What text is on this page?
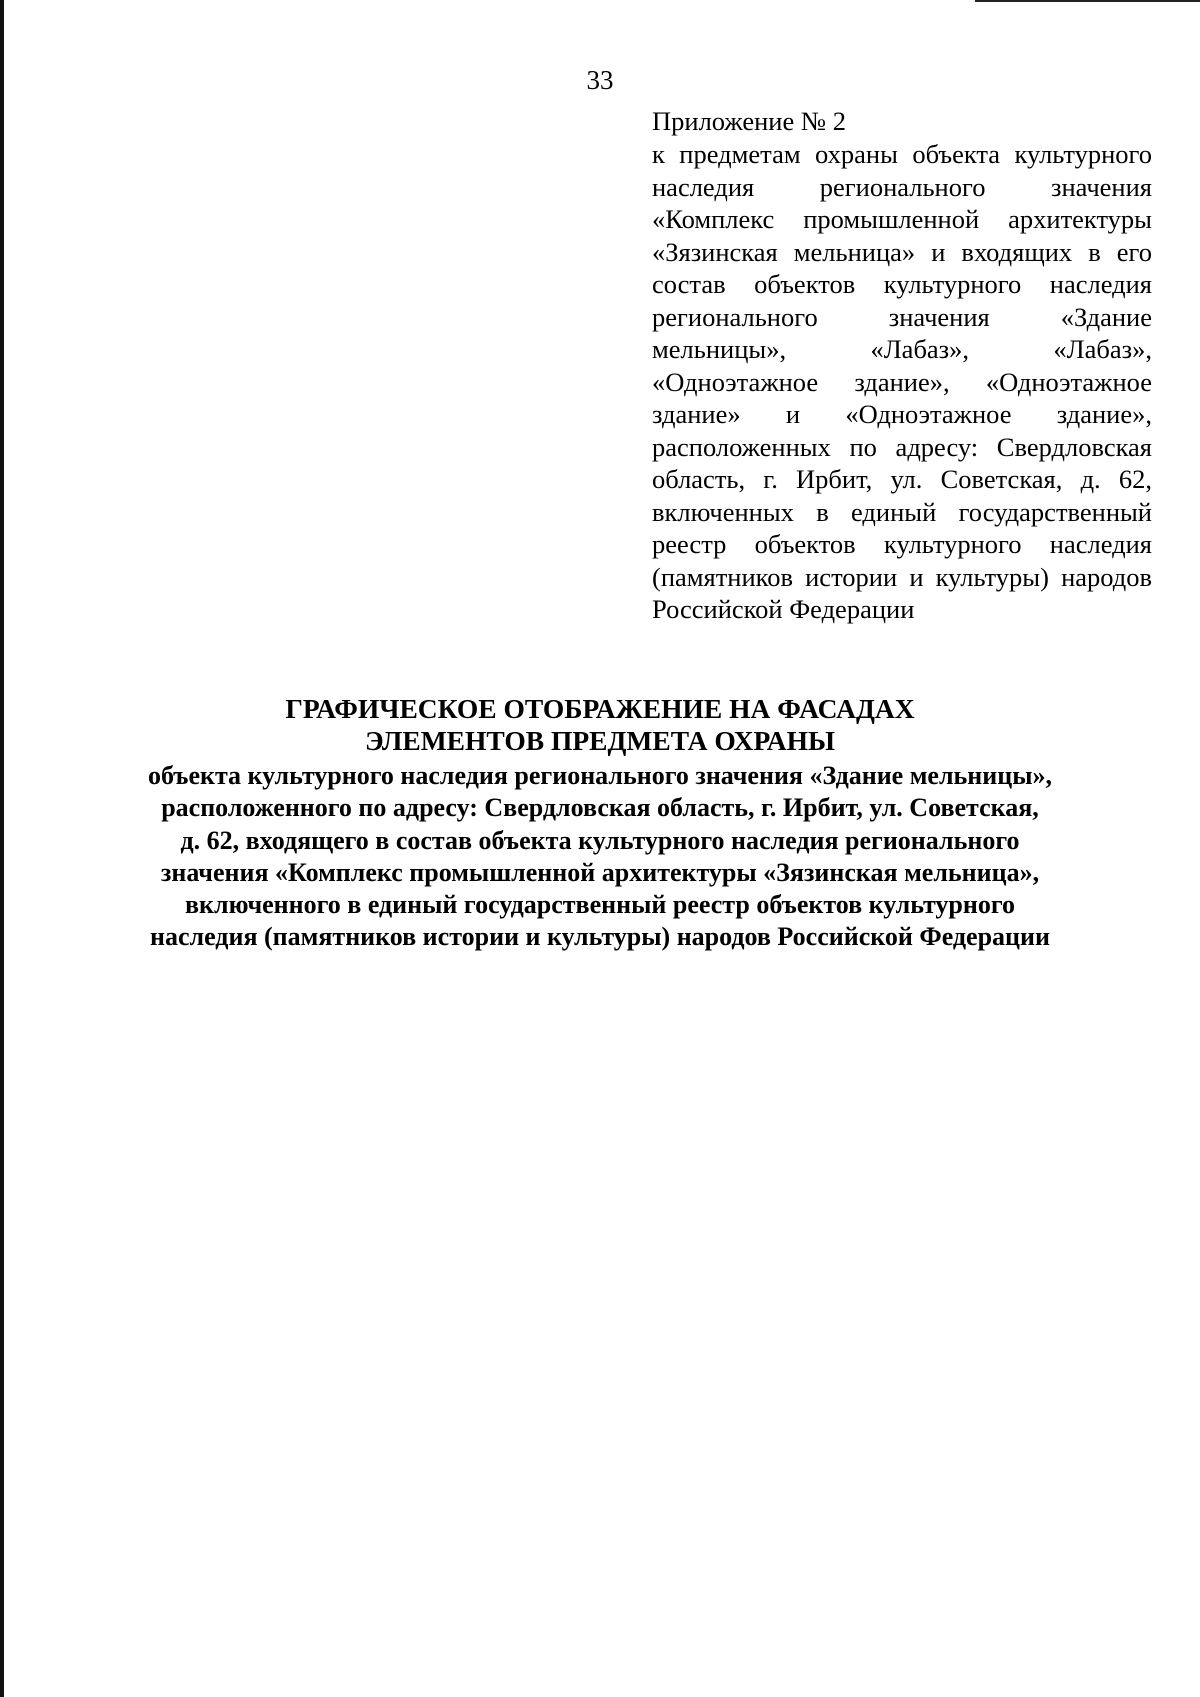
33

Приложение № 2

к предметам охраны объекта культурного наследия регионального значения «Комплекс промышленной архитектуры «Зязинская мельница» и входящих в его состав объектов культурного наследия регионального значения «Здание мельницы», «Лабаз», «Лабаз», «Одноэтажное здание», «Одноэтажное здание» и «Одноэтажное здание», расположенных по адресу: Свердловская область, г. Ирбит, ул. Советская, д. 62, включенных в единый государственный реестр объектов культурного наследия (памятников истории и культуры) народов Российской Федерации

ГРАФИЧЕСКОЕ ОТОБРАЖЕНИЕ НА ФАСАДАХ
ЭЛЕМЕНТОВ ПРЕДМЕТА ОХРАНЫ
объекта культурного наследия регионального значения «Здание мельницы»,
расположенного по адресу: Свердловская область, г. Ирбит, ул. Советская,
д. 62, входящего в состав объекта культурного наследия регионального
значения «Комплекс промышленной архитектуры «Зязинская мельница»,
включенного в единый государственный реестр объектов культурного
наследия (памятников истории и культуры) народов Российской Федерации
